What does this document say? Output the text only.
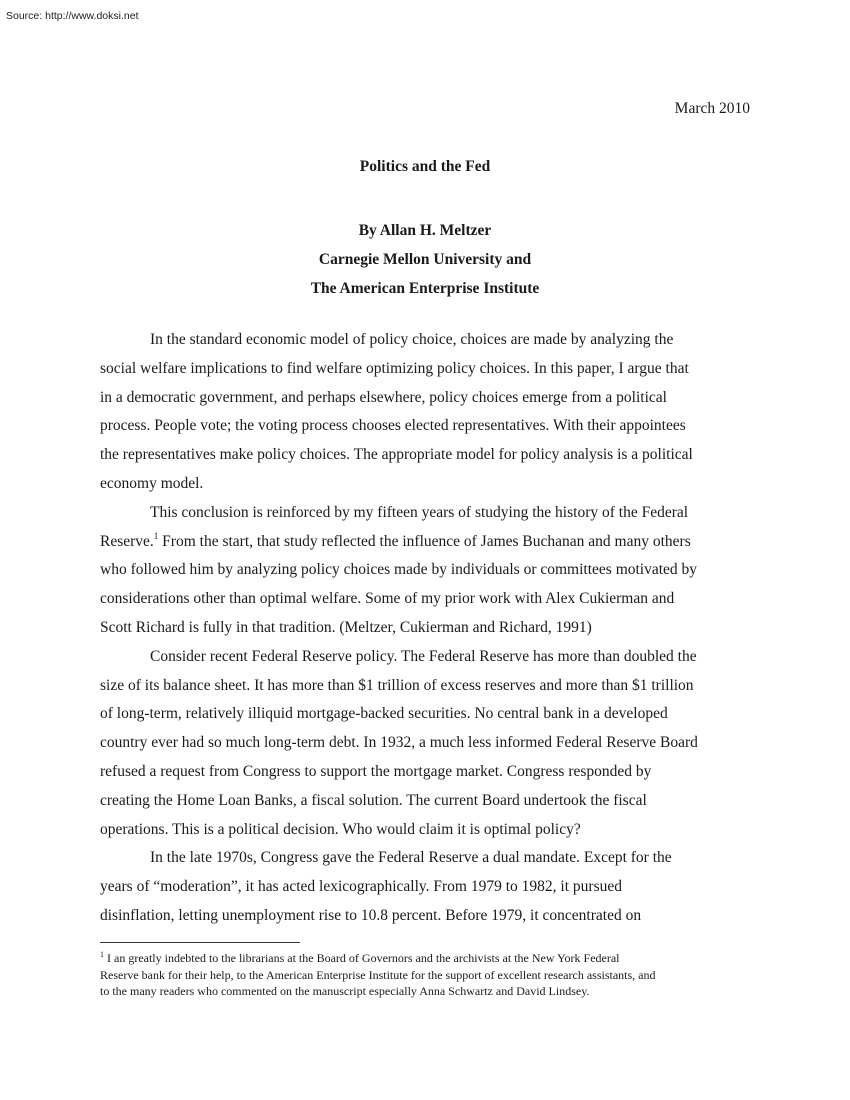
Source: http://www.doksi.net
March 2010
Politics and the Fed
By Allan H. Meltzer
Carnegie Mellon University and
The American Enterprise Institute
In the standard economic model of policy choice, choices are made by analyzing the
social welfare implications to find welfare optimizing policy choices. In this paper, I argue that
in a democratic government, and perhaps elsewhere, policy choices emerge from a political
process. People vote; the voting process chooses elected representatives. With their appointees
the representatives make policy choices. The appropriate model for policy analysis is a political
economy model.
This conclusion is reinforced by my fifteen years of studying the history of the Federal
Reserve.$^1$ From the start, that study reflected the influence of James Buchanan and many others
who followed him by analyzing policy choices made by individuals or committees motivated by
considerations other than optimal welfare. Some of my prior work with Alex Cukierman and
Scott Richard is fully in that tradition. (Meltzer, Cukierman and Richard, 1991)
Consider recent Federal Reserve policy. The Federal Reserve has more than doubled the
size of its balance sheet. It has more than $1 trillion of excess reserves and more than $1 trillion
of long-term, relatively illiquid mortgage-backed securities. No central bank in a developed
country ever had so much long-term debt. In 1932, a much less informed Federal Reserve Board
refused a request from Congress to support the mortgage market. Congress responded by
creating the Home Loan Banks, a fiscal solution. The current Board undertook the fiscal
operations. This is a political decision. Who would claim it is optimal policy?
In the late 1970s, Congress gave the Federal Reserve a dual mandate. Except for the
years of “moderation”, it has acted lexicographically. From 1979 to 1982, it pursued
disinflation, letting unemployment rise to 10.8 percent. Before 1979, it concentrated on
$^1$ I an greatly indebted to the librarians at the Board of Governors and the archivists at the New York Federal
Reserve bank for their help, to the American Enterprise Institute for the support of excellent research assistants, and
to the many readers who commented on the manuscript especially Anna Schwartz and David Lindsey.
